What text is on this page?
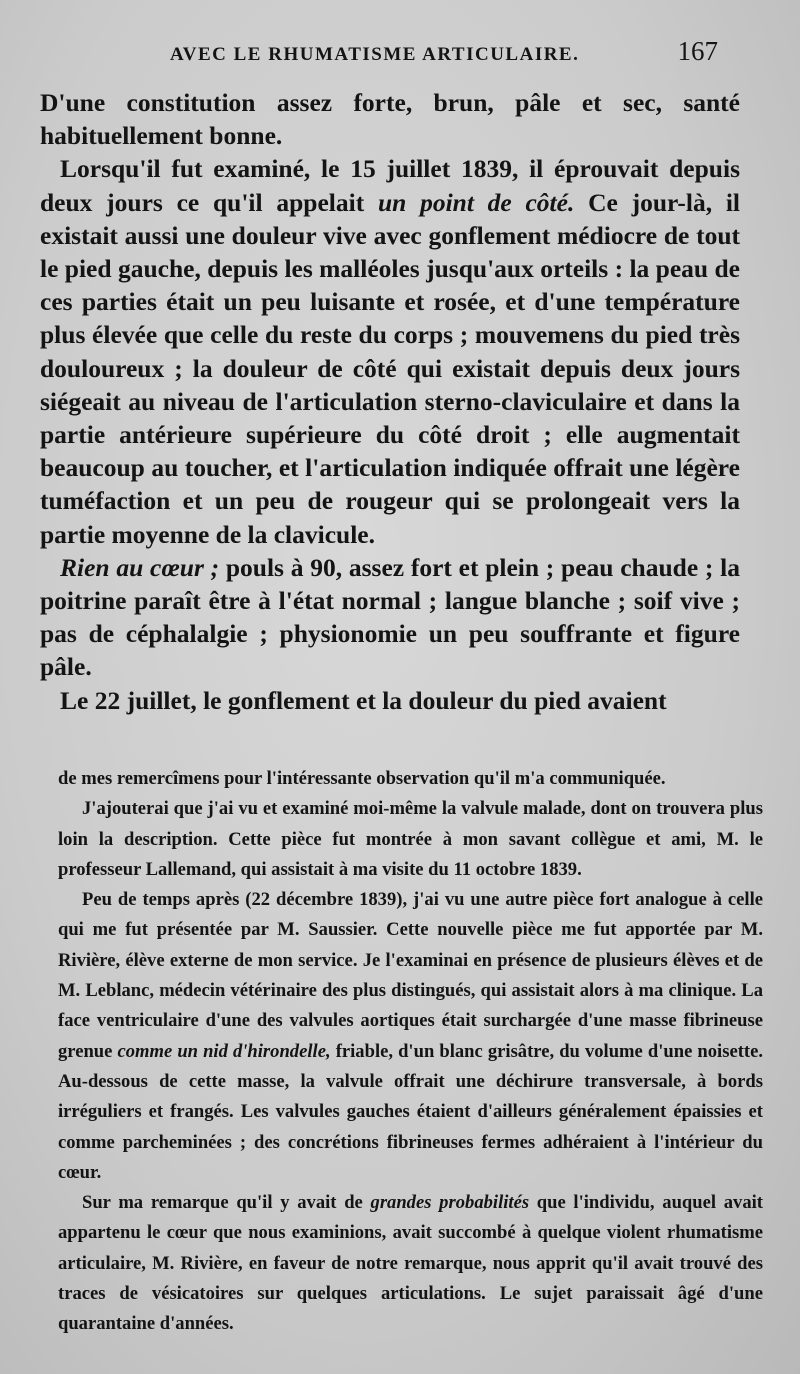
AVEC LE RHUMATISME ARTICULAIRE.	167

D'une constitution assez forte, brun, pâle et sec, santé habituellement bonne.

Lorsqu'il fut examiné, le 15 juillet 1839, il éprouvait depuis deux jours ce qu'il appelait un point de côté. Ce jour-là, il existait aussi une douleur vive avec gonflement médiocre de tout le pied gauche, depuis les malléoles jusqu'aux orteils : la peau de ces parties était un peu luisante et rosée, et d'une température plus élevée que celle du reste du corps ; mouvemens du pied très douloureux ; la douleur de côté qui existait depuis deux jours siégeait au niveau de l'articulation sterno-claviculaire et dans la partie antérieure supérieure du côté droit ; elle augmentait beaucoup au toucher, et l'articulation indiquée offrait une légère tuméfaction et un peu de rougeur qui se prolongeait vers la partie moyenne de la clavicule.

Rien au cœur ; pouls à 90, assez fort et plein ; peau chaude ; la poitrine paraît être à l'état normal ; langue blanche ; soif vive ; pas de céphalalgie ; physionomie un peu souffrante et figure pâle.

Le 22 juillet, le gonflement et la douleur du pied avaient

de mes remercîmens pour l'intéressante observation qu'il m'a communiquée.

J'ajouterai que j'ai vu et examiné moi-même la valvule malade, dont on trouvera plus loin la description. Cette pièce fut montrée à mon savant collègue et ami, M. le professeur Lallemand, qui assistait à ma visite du 11 octobre 1839.

Peu de temps après (22 décembre 1839), j'ai vu une autre pièce fort analogue à celle qui me fut présentée par M. Saussier. Cette nouvelle pièce me fut apportée par M. Rivière, élève externe de mon service. Je l'examinai en présence de plusieurs élèves et de M. Leblanc, médecin vétérinaire des plus distingués, qui assistait alors à ma clinique. La face ventriculaire d'une des valvules aortiques était surchargée d'une masse fibrineuse grenue comme un nid d'hirondelle, friable, d'un blanc grisâtre, du volume d'une noisette. Au-dessous de cette masse, la valvule offrait une déchirure transversale, à bords irréguliers et frangés. Les valvules gauches étaient d'ailleurs généralement épaissies et comme parcheminées ; des concrétions fibrineuses fermes adhéraient à l'intérieur du cœur.

Sur ma remarque qu'il y avait de grandes probabilités que l'individu, auquel avait appartenu le cœur que nous examinions, avait succombé à quelque violent rhumatisme articulaire, M. Rivière, en faveur de notre remarque, nous apprit qu'il avait trouvé des traces de vésicatoires sur quelques articulations. Le sujet paraissait âgé d'une quarantaine d'années.
